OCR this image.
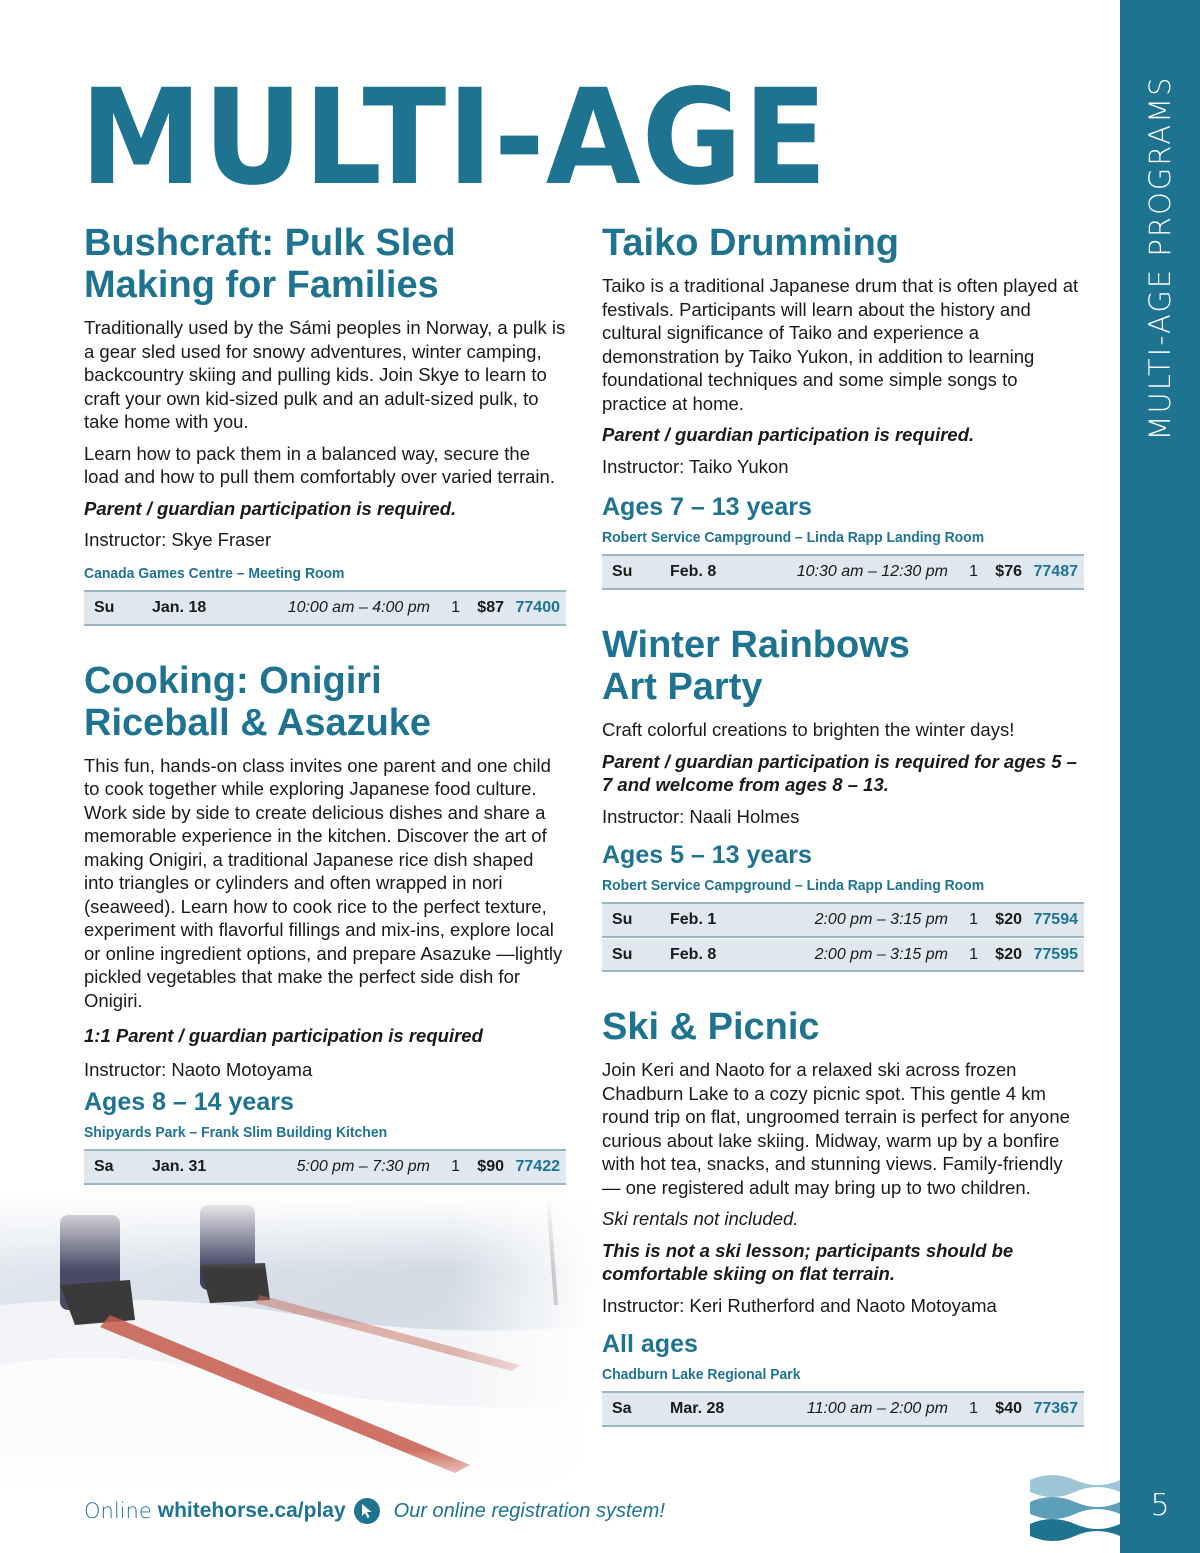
MULTI-AGE PROGRAMS
MULTI-AGE
Bushcraft: Pulk Sled
Making for Families

Traditionally used by the Sámi peoples in Norway, a pulk is a gear sled used for snowy adventures, winter camping, backcountry skiing and pulling kids. Join Skye to learn to craft your own kid-sized pulk and an adult-sized pulk, to take home with you.

Learn how to pack them in a balanced way, secure the load and how to pull them comfortably over varied terrain.

Parent / guardian participation is required.

Instructor: Skye Fraser

Canada Games Centre – Meeting Room

Su	Jan. 18	10:00 am – 4:00 pm	1	$87 77400
Cooking: Onigiri
Riceball & Asazuke

This fun, hands-on class invites one parent and one child to cook together while exploring Japanese food culture. Work side by side to create delicious dishes and share a memorable experience in the kitchen. Discover the art of making Onigiri, a traditional Japanese rice dish shaped into triangles or cylinders and often wrapped in nori (seaweed). Learn how to cook rice to the perfect texture, experiment with flavorful fillings and mix-ins, explore local or online ingredient options, and prepare Asazuke —lightly pickled vegetables that make the perfect side dish for Onigiri.

1:1 Parent / guardian participation is required

Instructor: Naoto Motoyama

Ages 8 – 14 years

Shipyards Park – Frank Slim Building Kitchen

Sa	Jan. 31	5:00 pm – 7:30 pm	1	$90 77422
Taiko Drumming

Taiko is a traditional Japanese drum that is often played at festivals. Participants will learn about the history and cultural significance of Taiko and experience a demonstration by Taiko Yukon, in addition to learning foundational techniques and some simple songs to practice at home.

Parent / guardian participation is required.

Instructor: Taiko Yukon

Ages 7 – 13 years

Robert Service Campground – Linda Rapp Landing Room

Su	Feb. 8	10:30 am – 12:30 pm	1	$76 77487
Winter Rainbows
Art Party

Craft colorful creations to brighten the winter days!

Parent / guardian participation is required for ages 5 – 7 and welcome from ages 8 – 13.

Instructor: Naali Holmes

Ages 5 – 13 years

Robert Service Campground – Linda Rapp Landing Room

Su	Feb. 1	2:00 pm – 3:15 pm	1	$20 77594
Su	Feb. 8	2:00 pm – 3:15 pm	1	$20 77595
Ski & Picnic

Join Keri and Naoto for a relaxed ski across frozen Chadburn Lake to a cozy picnic spot. This gentle 4 km round trip on flat, ungroomed terrain is perfect for anyone curious about lake skiing. Midway, warm up by a bonfire with hot tea, snacks, and stunning views. Family-friendly — one registered adult may bring up to two children.

Ski rentals not included.

This is not a ski lesson; participants should be comfortable skiing on flat terrain.

Instructor: Keri Rutherford and Naoto Motoyama

All ages

Chadburn Lake Regional Park

Sa	Mar. 28	11:00 am – 2:00 pm	1	$40 77367
Online whitehorse.ca/play Our online registration system!	5
